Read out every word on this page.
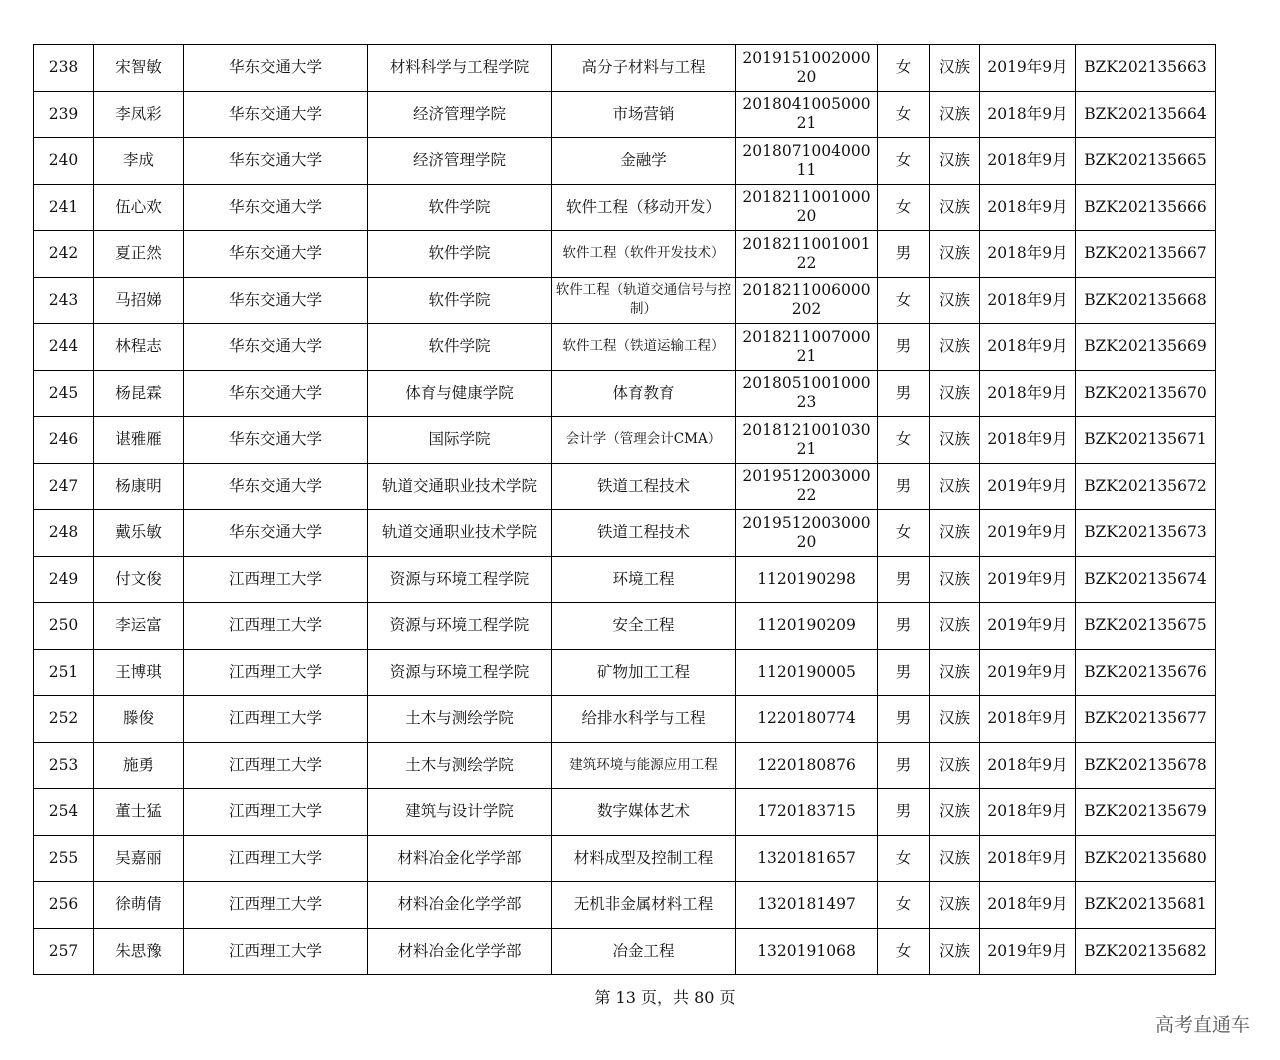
238	宋智敏	华东交通大学	材料科学与工程学院	高分子材料与工程	201915100200020	女	汉族	2019年9月	BZK202135663
239	李凤彩	华东交通大学	经济管理学院	市场营销	201804100500021	女	汉族	2018年9月	BZK202135664
240	李成	华东交通大学	经济管理学院	金融学	201807100400011	女	汉族	2018年9月	BZK202135665
241	伍心欢	华东交通大学	软件学院	软件工程（移动开发）	201821100100020	女	汉族	2018年9月	BZK202135666
242	夏正然	华东交通大学	软件学院	软件工程（软件开发技术）	201821100100122	男	汉族	2018年9月	BZK202135667
243	马招娣	华东交通大学	软件学院	软件工程（轨道交通信号与控制）	2018211006000202	女	汉族	2018年9月	BZK202135668
244	林程志	华东交通大学	软件学院	软件工程（铁道运输工程）	201821100700021	男	汉族	2018年9月	BZK202135669
245	杨昆霖	华东交通大学	体育与健康学院	体育教育	201805100100023	男	汉族	2018年9月	BZK202135670
246	谌雅雁	华东交通大学	国际学院	会计学（管理会计CMA）	201812100103021	女	汉族	2018年9月	BZK202135671
247	杨康明	华东交通大学	轨道交通职业技术学院	铁道工程技术	201951200300022	男	汉族	2019年9月	BZK202135672
248	戴乐敏	华东交通大学	轨道交通职业技术学院	铁道工程技术	201951200300020	女	汉族	2019年9月	BZK202135673
249	付文俊	江西理工大学	资源与环境工程学院	环境工程	1120190298	男	汉族	2019年9月	BZK202135674
250	李运富	江西理工大学	资源与环境工程学院	安全工程	1120190209	男	汉族	2019年9月	BZK202135675
251	王博琪	江西理工大学	资源与环境工程学院	矿物加工工程	1120190005	男	汉族	2019年9月	BZK202135676
252	滕俊	江西理工大学	土木与测绘学院	给排水科学与工程	1220180774	男	汉族	2018年9月	BZK202135677
253	施勇	江西理工大学	土木与测绘学院	建筑环境与能源应用工程	1220180876	男	汉族	2018年9月	BZK202135678
254	董士猛	江西理工大学	建筑与设计学院	数字媒体艺术	1720183715	男	汉族	2018年9月	BZK202135679
255	吴嘉丽	江西理工大学	材料冶金化学学部	材料成型及控制工程	1320181657	女	汉族	2018年9月	BZK202135680
256	徐萌倩	江西理工大学	材料冶金化学学部	无机非金属材料工程	1320181497	女	汉族	2018年9月	BZK202135681
257	朱思豫	江西理工大学	材料冶金化学学部	冶金工程	1320191068	女	汉族	2019年9月	BZK202135682
第 13 页，共 80 页
高考直通车
